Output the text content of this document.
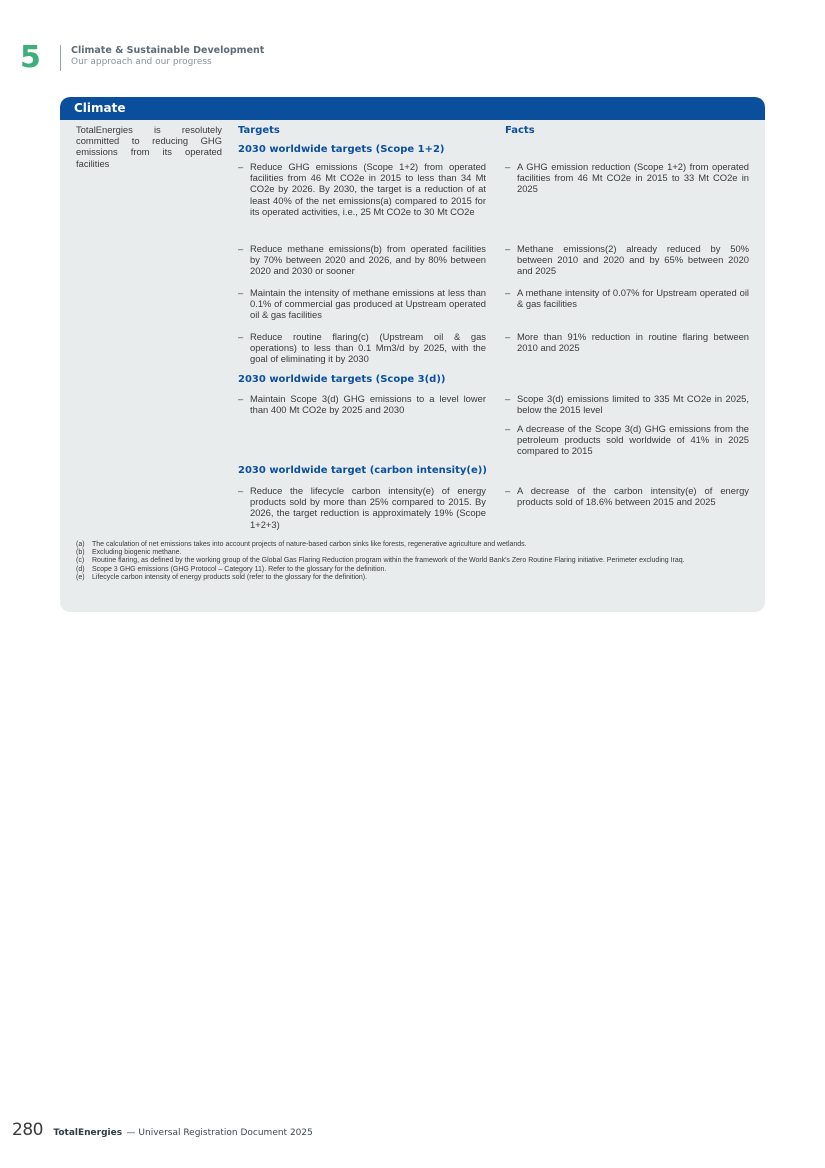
5	Climate & Sustainable Development
Our approach and our progress
Climate
TotalEnergies is resolutely committed to reducing GHG emissions from its operated facilities
Targets	Facts
2030 worldwide targets (Scope 1+2)
– Reduce GHG emissions (Scope 1+2) from operated facilities from 46 Mt CO2e in 2015 to less than 34 Mt CO2e by 2026. By 2030, the target is a reduction of at least 40% of the net emissions(a) compared to 2015 for its operated activities, i.e., 25 Mt CO2e to 30 Mt CO2e
– Reduce methane emissions(b) from operated facilities by 70% between 2020 and 2026, and by 80% between 2020 and 2030 or sooner
– Maintain the intensity of methane emissions at less than 0.1% of commercial gas produced at Upstream operated oil & gas facilities
– Reduce routine flaring(c) (Upstream oil & gas operations) to less than 0.1 Mm3/d by 2025, with the goal of eliminating it by 2030
2030 worldwide targets (Scope 3(d))
– Maintain Scope 3(d) GHG emissions to a level lower than 400 Mt CO2e by 2025 and 2030
2030 worldwide target (carbon intensity(e))
– Reduce the lifecycle carbon intensity(e) of energy products sold by more than 25% compared to 2015. By 2026, the target reduction is approximately 19% (Scope 1+2+3)
– A GHG emission reduction (Scope 1+2) from operated facilities from 46 Mt CO2e in 2015 to 33 Mt CO2e in 2025
– Methane emissions(2) already reduced by 50% between 2010 and 2020 and by 65% between 2020 and 2025
– A methane intensity of 0.07% for Upstream operated oil & gas facilities
– More than 91% reduction in routine flaring between 2010 and 2025
– Scope 3(d) emissions limited to 335 Mt CO2e in 2025, below the 2015 level
– A decrease of the Scope 3(d) GHG emissions from the petroleum products sold worldwide of 41% in 2025 compared to 2015
– A decrease of the carbon intensity(e) of energy products sold of 18.6% between 2015 and 2025
(a) The calculation of net emissions takes into account projects of nature-based carbon sinks like forests, regenerative agriculture and wetlands.
(b) Excluding biogenic methane.
(c) Routine flaring, as defined by the working group of the Global Gas Flaring Reduction program within the framework of the World Bank's Zero Routine Flaring initiative. Perimeter excluding Iraq.
(d) Scope 3 GHG emissions (GHG Protocol – Category 11). Refer to the glossary for the definition.
(e) Lifecycle carbon intensity of energy products sold (refer to the glossary for the definition).
280 TotalEnergies — Universal Registration Document 2025
